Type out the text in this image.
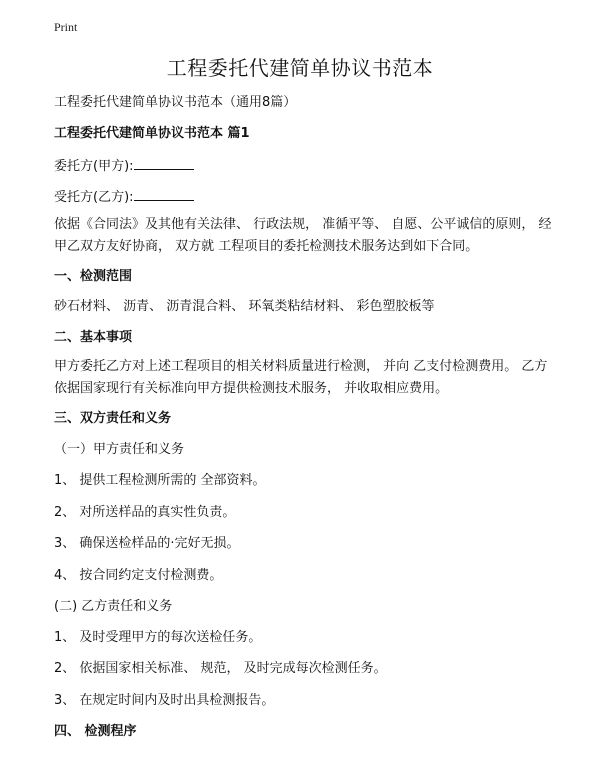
Print
工程委托代建简单协议书范本
工程委托代建简单协议书范本（通用8篇）
工程委托代建简单协议书范本 篇1
委托方(甲方):
受托方(乙方):
依据《合同法》及其他有关法律、 行政法规， 准循平等、 自愿、公平诚信的原则， 经甲乙双方友好协商， 双方就 工程项目的委托检测技术服务达到如下合同。
一、检测范围
砂石材料、 沥青、 沥青混合料、 环氧类粘结材料、 彩色塑胶板等
二、基本事项
甲方委托乙方对上述工程项目的相关材料质量进行检测， 并向 乙支付检测费用。 乙方依据国家现行有关标准向甲方提供检测技术服务， 并收取相应费用。
三、双方责任和义务
（一）甲方责任和义务
1、 提供工程检测所需的 全部资料。
2、 对所送样品的真实性负责。
3、 确保送检样品的·完好无损。
4、 按合同约定支付检测费。
(二) 乙方责任和义务
1、 及时受理甲方的每次送检任务。
2、 依据国家相关标准、 规范， 及时完成每次检测任务。
3、 在规定时间内及时出具检测报告。
四、 检测程序
